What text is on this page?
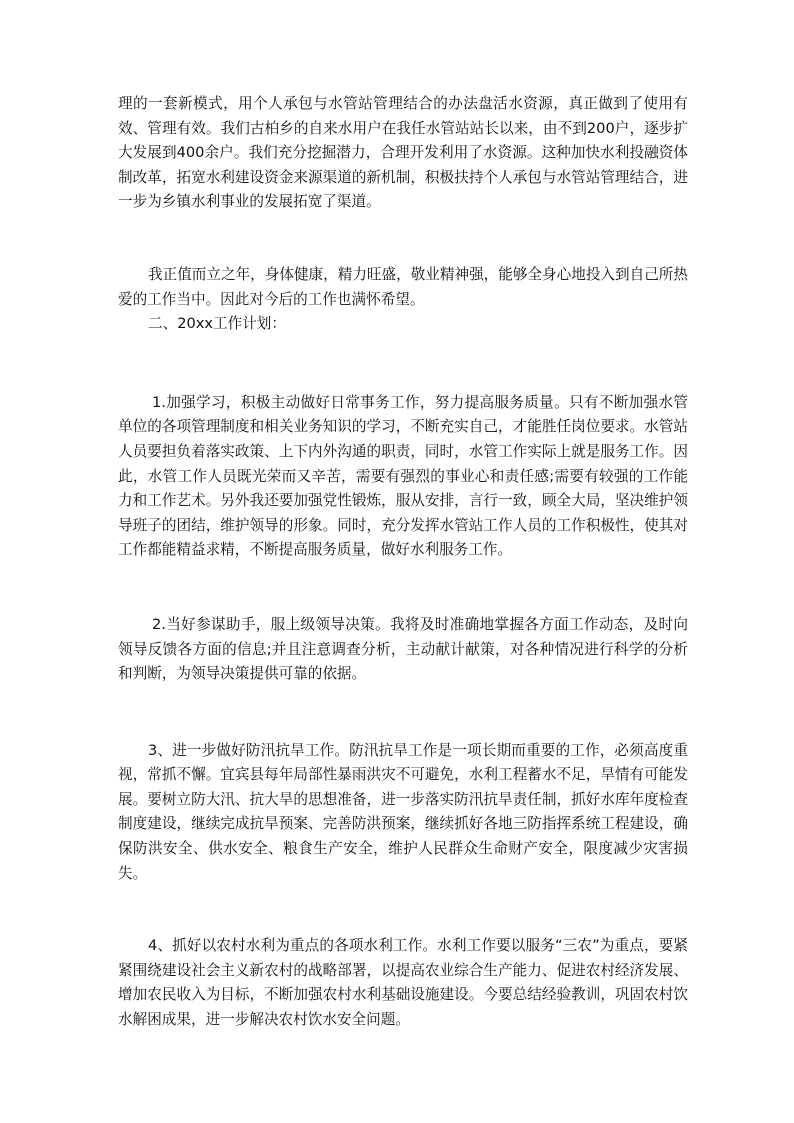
理的一套新模式，用个人承包与水管站管理结合的办法盘活水资源，真正做到了使用有效、管理有效。我们古柏乡的自来水用户在我任水管站站长以来，由不到200户，逐步扩大发展到400余户。我们充分挖掘潜力，合理开发利用了水资源。这种加快水利投融资体制改革，拓宽水利建设资金来源渠道的新机制，积极扶持个人承包与水管站管理结合，进一步为乡镇水利事业的发展拓宽了渠道。

我正值而立之年，身体健康，精力旺盛，敬业精神强，能够全身心地投入到自己所热爱的工作当中。因此对今后的工作也满怀希望。

二、20xx工作计划：

1.加强学习，积极主动做好日常事务工作，努力提高服务质量。只有不断加强水管单位的各项管理制度和相关业务知识的学习，不断充实自己，才能胜任岗位要求。水管站人员要担负着落实政策、上下内外沟通的职责，同时，水管工作实际上就是服务工作。因此，水管工作人员既光荣而又辛苦，需要有强烈的事业心和责任感;需要有较强的工作能力和工作艺术。另外我还要加强党性锻炼，服从安排，言行一致，顾全大局，坚决维护领导班子的团结，维护领导的形象。同时，充分发挥水管站工作人员的工作积极性，使其对工作都能精益求精，不断提高服务质量，做好水利服务工作。

2.当好参谋助手，服上级领导决策。我将及时准确地掌握各方面工作动态，及时向领导反馈各方面的信息;并且注意调查分析，主动献计献策，对各种情况进行科学的分析和判断，为领导决策提供可靠的依据。

3、进一步做好防汛抗旱工作。防汛抗旱工作是一项长期而重要的工作，必须高度重视，常抓不懈。宜宾县每年局部性暴雨洪灾不可避免，水利工程蓄水不足，旱情有可能发展。要树立防大汛、抗大旱的思想准备，进一步落实防汛抗旱责任制，抓好水库年度检查制度建设，继续完成抗旱预案、完善防洪预案，继续抓好各地三防指挥系统工程建设，确保防洪安全、供水安全、粮食生产安全，维护人民群众生命财产安全，限度减少灾害损失。

4、抓好以农村水利为重点的各项水利工作。水利工作要以服务“三农”为重点，要紧紧围绕建设社会主义新农村的战略部署，以提高农业综合生产能力、促进农村经济发展、增加农民收入为目标，不断加强农村水利基础设施建设。今要总结经验教训，巩固农村饮水解困成果，进一步解决农村饮水安全问题。
